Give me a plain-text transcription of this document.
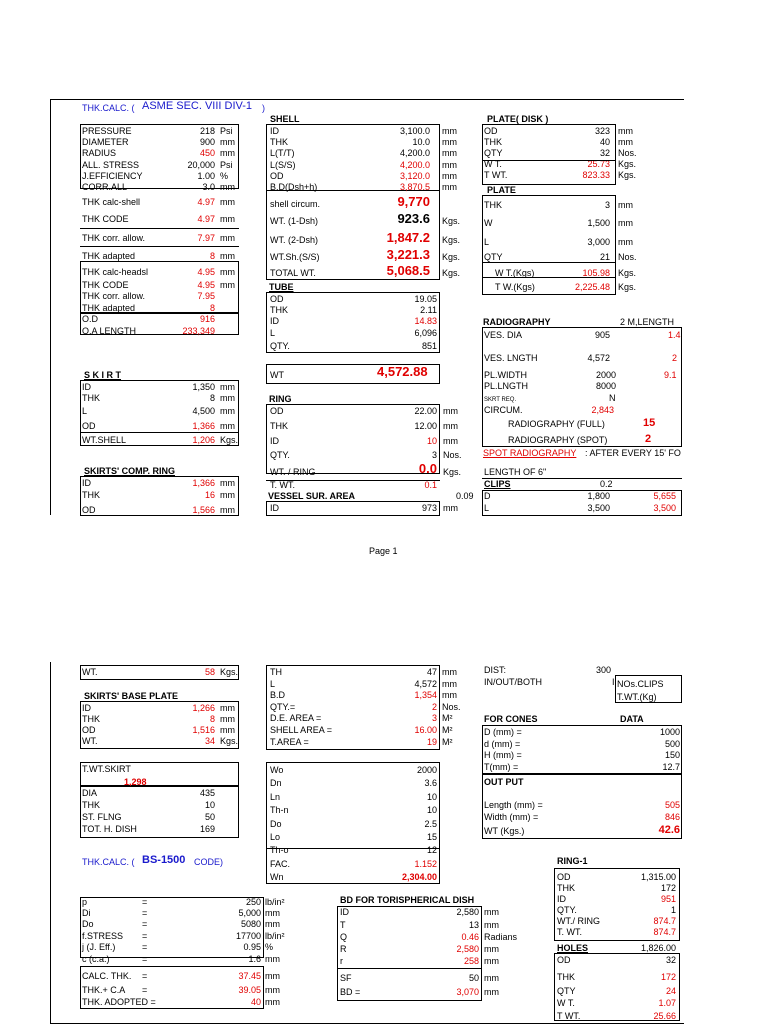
THK.CALC. ( ASME SEC. VIII DIV-1 )
PRESSURE	218 Psi
DIAMETER	900 mm
RADIUS	450 mm
ALL. STRESS	20,000 Psi
J.EFFICIENCY	1.00 %
CORR.ALL	3.0 mm
THK calc-shell	4.97 mm
THK CODE	4.97 mm
THK corr. allow.	7.97 mm
THK adapted	8 mm
THK calc-headsl	4.95 mm
THK CODE	4.95 mm
THK corr. allow.	7.95
THK adapted	8
O.D	916
O.A LENGTH	233,349
SHELL
ID	3,100.0 mm
THK	10.0 mm
L(T/T)	4,200.0 mm
L(S/S)	4,200.0 mm
OD	3,120.0 mm
B.D(Dsh+h)	3,870.5 mm
shell circum.	9,770
WT. (1-Dsh)	923.6 Kgs.
WT. (2-Dsh)	1,847.2 Kgs.
WT.Sh.(S/S)	3,221.3 Kgs.
TOTAL WT.	5,068.5 Kgs.
PLATE( DISK )
OD	323 mm
THK	40 mm
QTY	32 Nos.
W T.	25.73 Kgs.
T WT.	823.33 Kgs.
PLATE
THK	3 mm
W	1,500 mm
L	3,000 mm
QTY	21 Nos.
W T.(Kgs)	105.98 Kgs.
T W.(Kgs)	2,225.48 Kgs.
TUBE
OD	19.05
THK	2.11
ID	14.83
L	6,096
QTY.	851
RADIOGRAPHY	2 M,LENGTH
VES. DIA	905	1.4
VES. LNGTH	4,572	2
PL.WIDTH	2000	9.1
PL.LNGTH	8000
SKRT REQ.	N
CIRCUM.	2,843
RADIOGRAPHY (FULL)	15
RADIOGRAPHY (SPOT)	2
SPOT RADIOGRAPHY : AFTER EVERY 15' FO
LENGTH OF 6"
CLIPS	0.2
D	1,800	5,655
L	3,500	3,500
S K I R T
ID	1,350 mm
THK	8 mm
L	4,500 mm
OD	1,366 mm
WT.SHELL	1,206 Kgs.
WT	4,572.88
RING
OD	22.00 mm
THK	12.00 mm
ID	10 mm
QTY.	3 Nos.
WT. / RING	0.0 Kgs.
T. WT.	0.1
SKIRTS' COMP. RING
ID	1,366 mm
THK	16 mm
OD	1,566 mm
VESSEL SUR. AREA	0.09
ID	973 mm
Page 1
WT.	58 Kgs.
SKIRTS' BASE PLATE
ID	1,266 mm
THK	8 mm
OD	1,516 mm
WT.	34 Kgs.
T.WT.SKIRT
1,298
DIA	435
THK	10
ST. FLNG	50
TOT. H. DISH	169
TH	47 mm
L	4,572 mm
B.D	1,354 mm
QTY.=	2 Nos.
D.E. AREA =	3 M²
SHELL AREA =	16.00 M²
T.AREA =	19 M²
Wo	2000
Dn	3.6
Ln	10
Th-n	10
Do	2.5
Lo	15
Th-o	12
FAC.	1.152
Wn	2,304.00
DIST:	300
IN/OUT/BOTH	I NOs.CLIPS
T.WT.(Kg)
FOR CONES	DATA
D (mm) =	1000
d (mm) =	500
H (mm) =	150
T(mm) =	12.7
OUT PUT
Length (mm) =	505
Width (mm) =	846
WT (Kgs.)	42.6
THK.CALC. ( BS-1500 CODE)
p	=	250 lb/in²
Di	=	5,000 mm
Do	=	5080 mm
f.STRESS =	17700 lb/in²
j (J. Eff.)	=	0.95 %
c (c.a.)	=	1.6 mm
CALC. THK. =	37.45 mm
THK.+ C.A =	39.05 mm
THK. ADOPTED =	40 mm
BD FOR TORISPHERICAL DISH
ID	2,580 mm
T	13 mm
Q	0.46 Radians
R	2,580 mm
r	258 mm
SF	50 mm
BD =	3,070 mm
RING-1
OD	1,315.00
THK	172
ID	951
QTY.	1
WT./ RING	874.7
T. WT.	874.7
HOLES	1,826.00
OD	32
THK	172
QTY	24
W T.	1.07
T WT.	25.66
